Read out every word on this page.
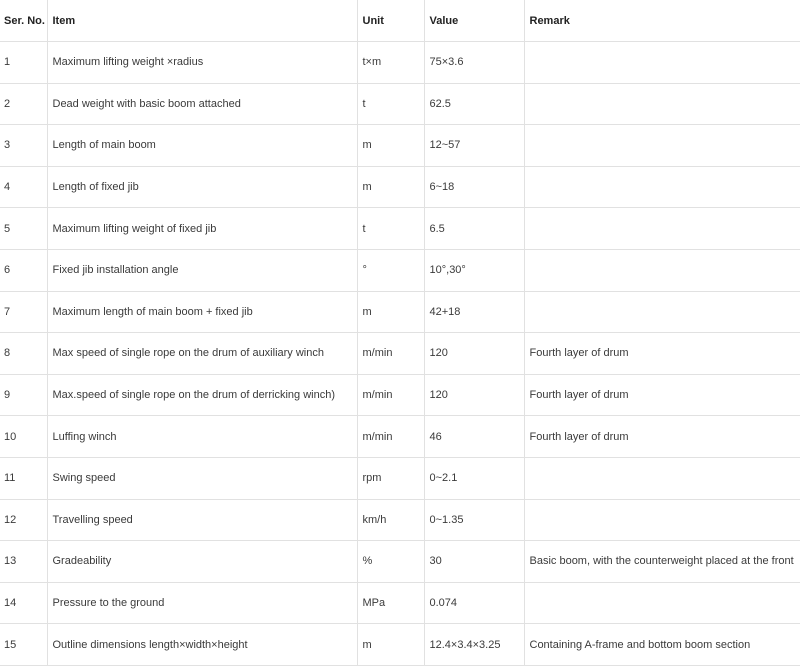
Ser. No.	Item	Unit	Value	Remark
1	Maximum lifting weight ×radius	t×m	75×3.6	
2	Dead weight with basic boom attached	t	62.5	
3	Length of main boom	m	12~57	
4	Length of fixed jib	m	6~18	
5	Maximum lifting weight of fixed jib	t	6.5	
6	Fixed jib installation angle	°	10°,30°	
7	Maximum length of main boom + fixed jib	m	42+18	
8	Max speed of single rope on the drum of auxiliary winch	m/min	120	Fourth layer of drum
9	Max.speed of single rope on the drum of derricking winch)	m/min	120	Fourth layer of drum
10	Luffing winch	m/min	46	Fourth layer of drum
11	Swing speed	rpm	0~2.1	
12	Travelling speed	km/h	0~1.35	
13	Gradeability	%	30	Basic boom, with the counterweight placed at the front
14	Pressure to the ground	MPa	0.074	
15	Outline dimensions length×width×height	m	12.4×3.4×3.25	Containing A-frame and bottom boom section
